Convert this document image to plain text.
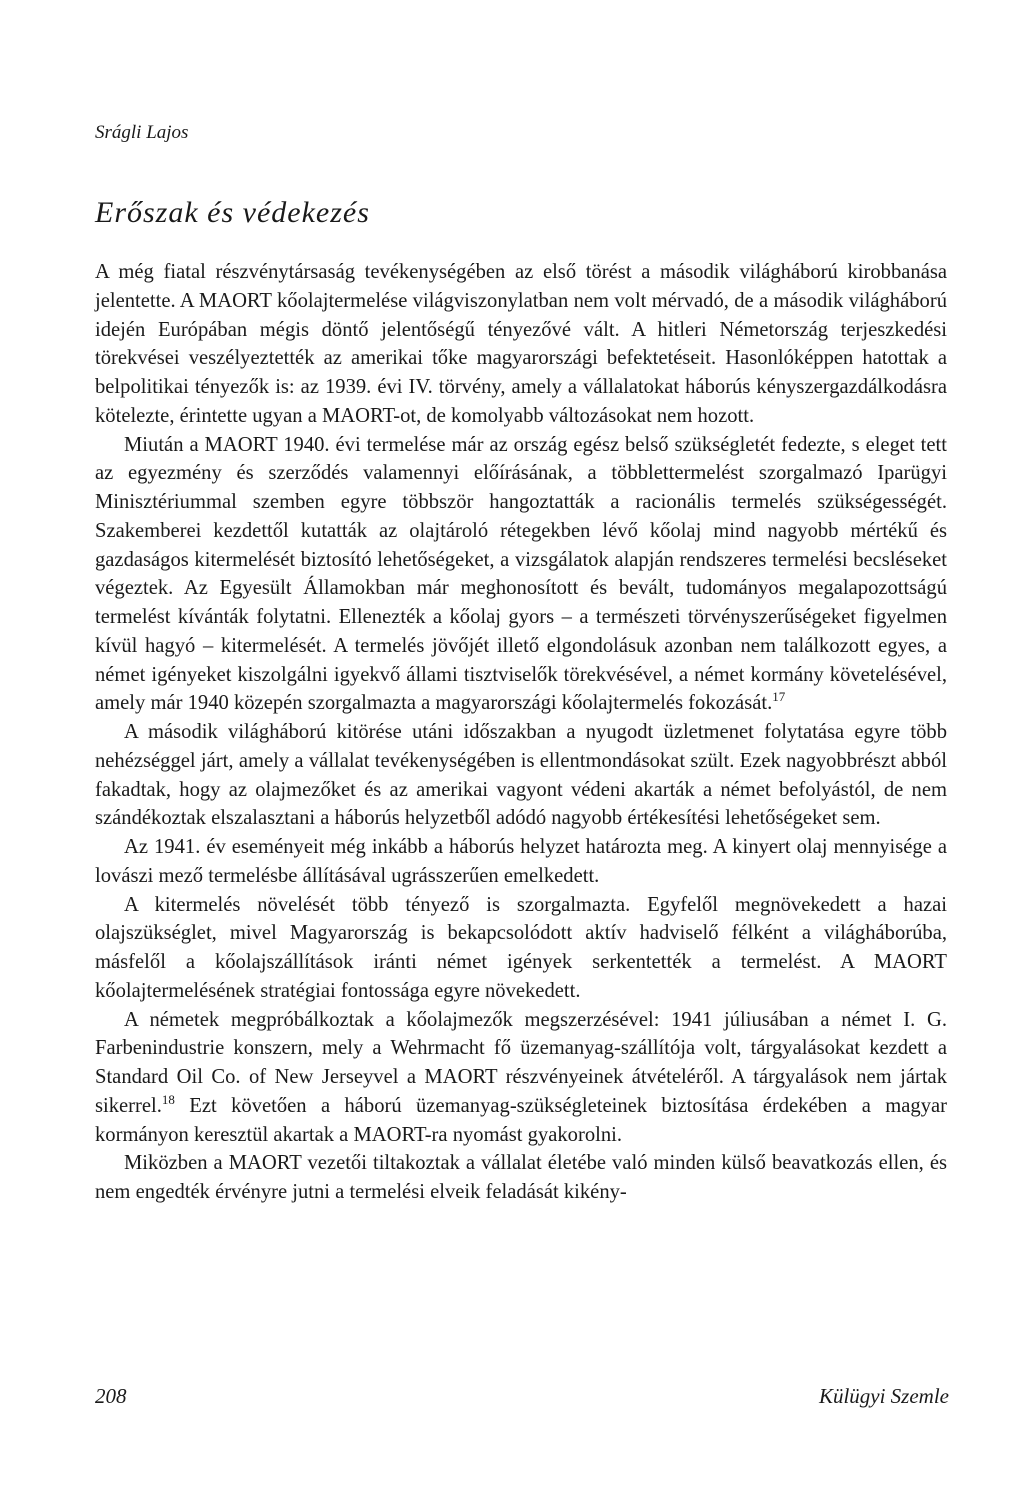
Srágli Lajos
Erőszak és védekezés

A még fiatal részvénytársaság tevékenységében az első törést a második világháború kirobbanása jelentette. A MAORT kőolajtermelése világviszonylatban nem volt mérvadó, de a második világháború idején Európában mégis döntő jelentőségű tényezővé vált. A hitleri Németország terjeszkedési törekvései veszélyeztették az amerikai tőke magyarországi befektetéseit. Hasonlóképpen hatottak a belpolitikai tényezők is: az 1939. évi IV. törvény, amely a vállalatokat háborús kényszergazdálkodásra kötelezte, érintette ugyan a MAORT-ot, de komolyabb változásokat nem hozott.

Miután a MAORT 1940. évi termelése már az ország egész belső szükségletét fedezte, s eleget tett az egyezmény és szerződés valamennyi előírásának, a többlettermelést szorgalmazó Iparügyi Minisztériummal szemben egyre többször hangoztatták a racionális termelés szükségességét. Szakemberei kezdettől kutatták az olajtároló rétegekben lévő kőolaj mind nagyobb mértékű és gazdaságos kitermelését biztosító lehetőségeket, a vizsgálatok alapján rendszeres termelési becsléseket végeztek. Az Egyesült Államokban már meghonosított és bevált, tudományos megalapozottságú termelést kívánták folytatni. Ellenezték a kőolaj gyors – a természeti törvényszerűségeket figyelmen kívül hagyó – kitermelését. A termelés jövőjét illető elgondolásuk azonban nem találkozott egyes, a német igényeket kiszolgálni igyekvő állami tisztviselők törekvésével, a német kormány követelésével, amely már 1940 közepén szorgalmazta a magyarországi kőolajtermelés fokozását.$^{17}$

A második világháború kitörése utáni időszakban a nyugodt üzletmenet folytatása egyre több nehézséggel járt, amely a vállalat tevékenységében is ellentmondásokat szült. Ezek nagyobbrészt abból fakadtak, hogy az olajmezőket és az amerikai vagyont védeni akarták a német befolyástól, de nem szándékoztak elszalasztani a háborús helyzetből adódó nagyobb értékesítési lehetőségeket sem.

Az 1941. év eseményeit még inkább a háborús helyzet határozta meg. A kinyert olaj mennyisége a lovászi mező termelésbe állításával ugrásszerűen emelkedett.

A kitermelés növelését több tényező is szorgalmazta. Egyfelől megnövekedett a hazai olajszükséglet, mivel Magyarország is bekapcsolódott aktív hadviselő félként a világháborúba, másfelől a kőolajszállítások iránti német igények serkentették a termelést. A MAORT kőolajtermelésének stratégiai fontossága egyre növekedett.

A németek megpróbálkoztak a kőolajmezők megszerzésével: 1941 júliusában a német I. G. Farbenindustrie konszern, mely a Wehrmacht fő üzemanyag-szállítója volt, tárgyalásokat kezdett a Standard Oil Co. of New Jerseyvel a MAORT részvényeinek átvételéről. A tárgyalások nem jártak sikerrel.$^{18}$ Ezt követően a háború üzemanyag-szükségleteinek biztosítása érdekében a magyar kormányon keresztül akartak a MAORT-ra nyomást gyakorolni.

Miközben a MAORT vezetői tiltakoztak a vállalat életébe való minden külső beavatkozás ellen, és nem engedték érvényre jutni a termelési elveik feladását kikény-

208	Külügyi Szemle
